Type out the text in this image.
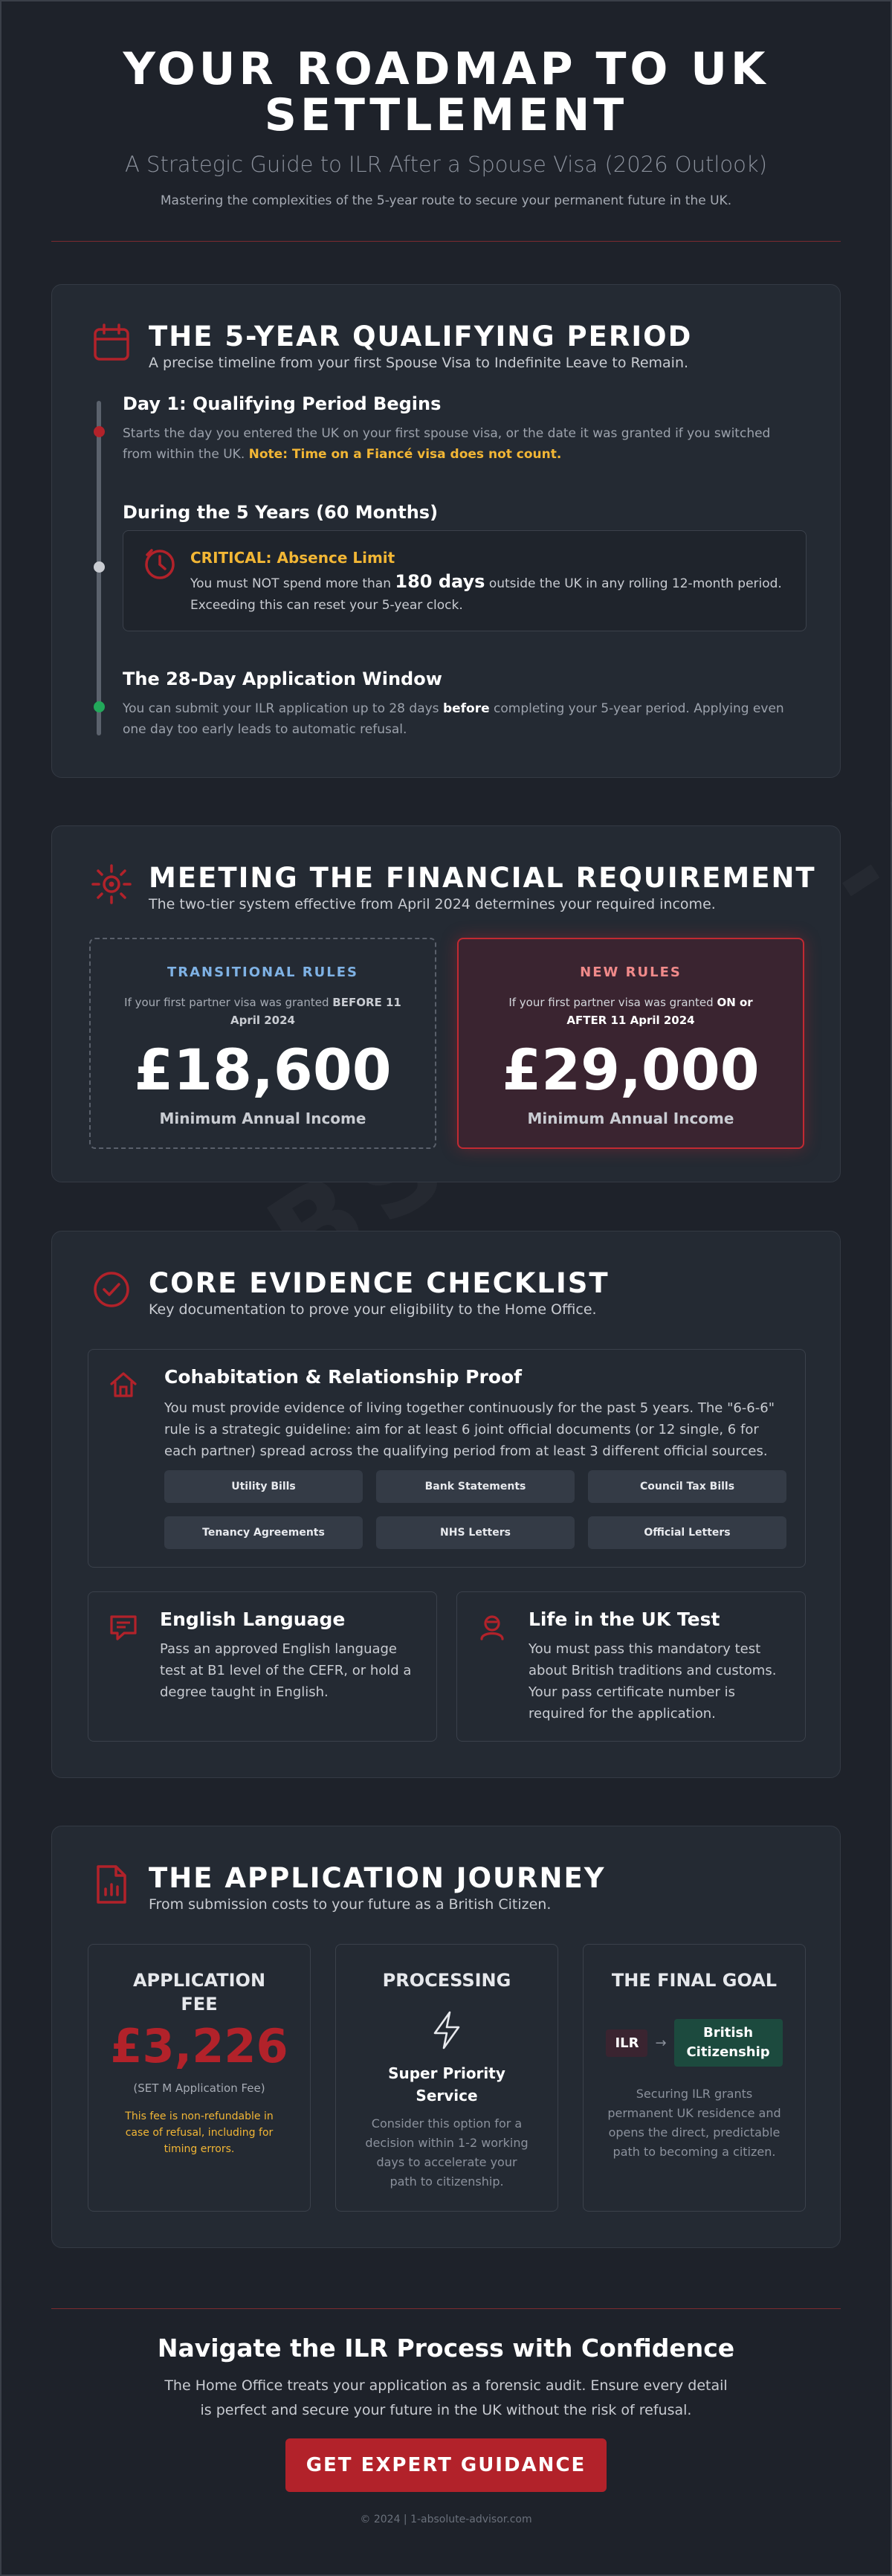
YOUR ROADMAP TO UK SETTLEMENT
A Strategic Guide to ILR After a Spouse Visa (2026 Outlook)
Mastering the complexities of the 5-year route to secure your permanent future in the UK.
THE 5-YEAR QUALIFYING PERIOD
A precise timeline from your first Spouse Visa to Indefinite Leave to Remain.
Day 1: Qualifying Period Begins
Starts the day you entered the UK on your first spouse visa, or the date it was granted if you switched from within the UK. Note: Time on a Fiancé visa does not count.
During the 5 Years (60 Months)
CRITICAL: Absence Limit
You must NOT spend more than 180 days outside the UK in any rolling 12-month period. Exceeding this can reset your 5-year clock.
The 28-Day Application Window
You can submit your ILR application up to 28 days before completing your 5-year period. Applying even one day too early leads to automatic refusal.
MEETING THE FINANCIAL REQUIREMENT
The two-tier system effective from April 2024 determines your required income.
TRANSITIONAL RULES
If your first partner visa was granted BEFORE 11 April 2024
£18,600
Minimum Annual Income
NEW RULES
If your first partner visa was granted ON or AFTER 11 April 2024
£29,000
Minimum Annual Income
CORE EVIDENCE CHECKLIST
Key documentation to prove your eligibility to the Home Office.
Cohabitation & Relationship Proof
You must provide evidence of living together continuously for the past 5 years. The "6-6-6" rule is a strategic guideline: aim for at least 6 joint official documents (or 12 single, 6 for each partner) spread across the qualifying period from at least 3 different official sources.
Utility Bills	Bank Statements	Council Tax Bills
Tenancy Agreements	NHS Letters	Official Letters
English Language
Pass an approved English language test at B1 level of the CEFR, or hold a degree taught in English.
Life in the UK Test
You must pass this mandatory test about British traditions and customs. Your pass certificate number is required for the application.
THE APPLICATION JOURNEY
From submission costs to your future as a British Citizen.
APPLICATION FEE
£3,226
(SET M Application Fee)
This fee is non-refundable in case of refusal, including for timing errors.
PROCESSING
Super Priority Service
Consider this option for a decision within 1-2 working days to accelerate your path to citizenship.
THE FINAL GOAL
ILR	→
British Citizenship
Securing ILR grants permanent UK residence and opens the direct, predictable path to becoming a citizen.
Navigate the ILR Process with Confidence
The Home Office treats your application as a forensic audit. Ensure every detail is perfect and secure your future in the UK without the risk of refusal.
GET EXPERT GUIDANCE
© 2024 | 1-absolute-advisor.com
